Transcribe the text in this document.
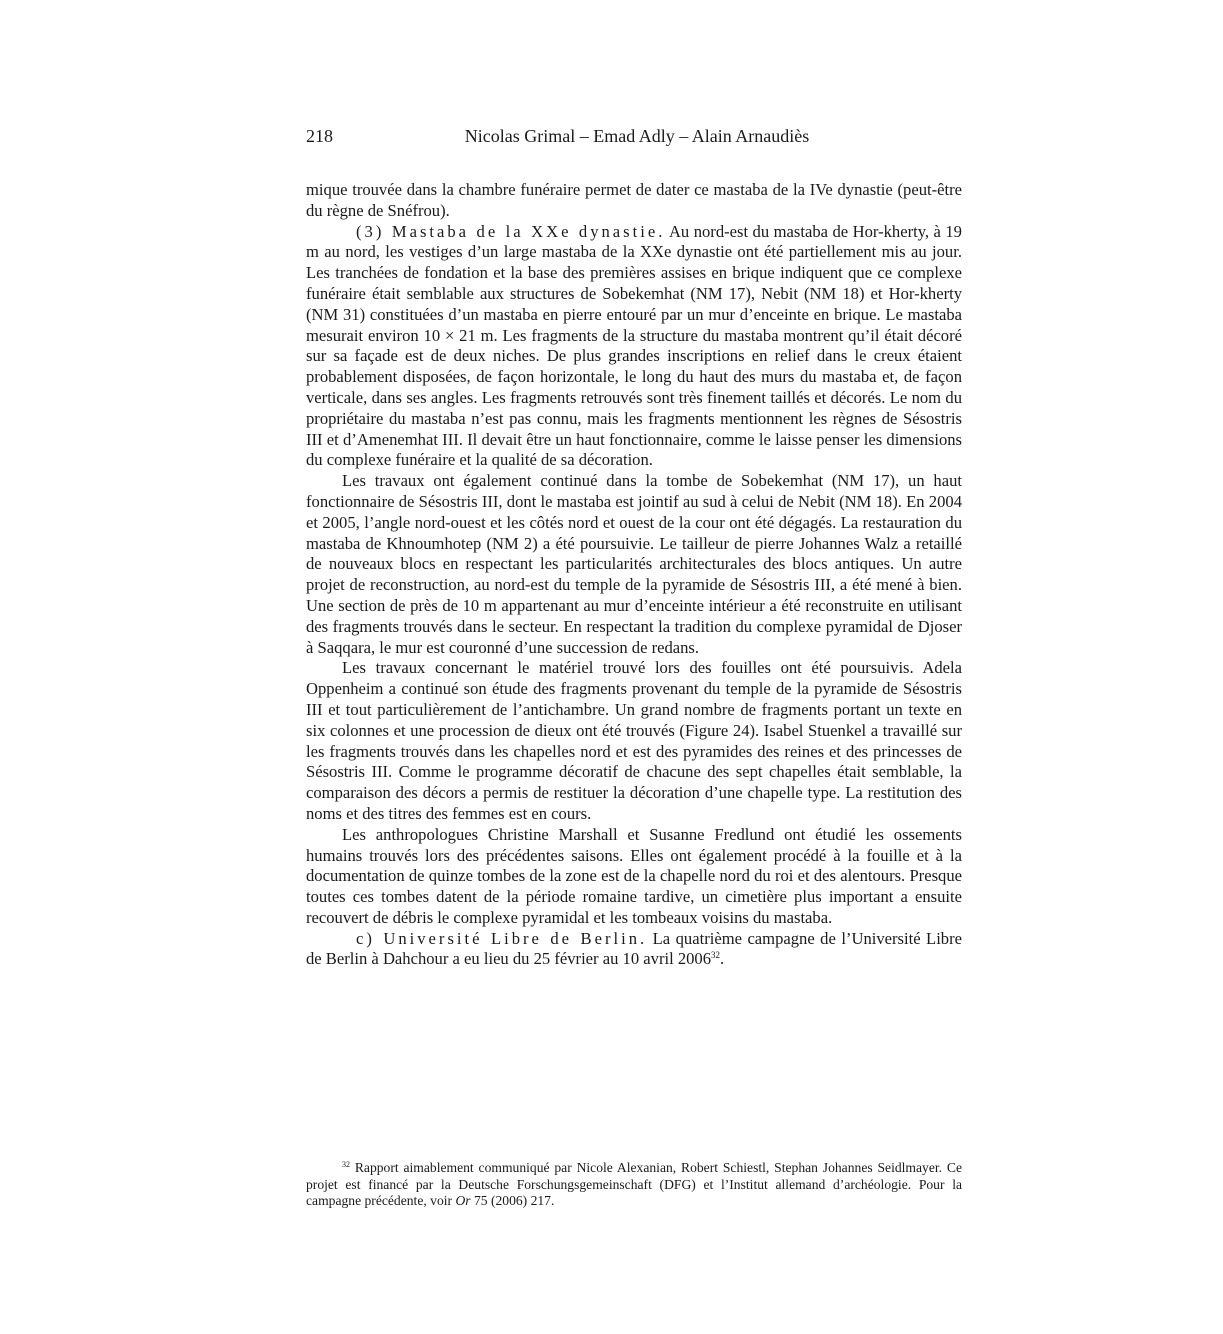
218	Nicolas Grimal – Emad Adly – Alain Arnaudiès

mique trouvée dans la chambre funéraire permet de dater ce mastaba de la IVe dynastie (peut-être du règne de Snéfrou).

(3) Mastaba de la XXe dynastie. Au nord-est du mastaba de Hor-kherty, à 19 m au nord, les vestiges d’un large mastaba de la XXe dynastie ont été partiellement mis au jour. Les tranchées de fondation et la base des premières assises en brique indiquent que ce complexe funéraire était semblable aux structures de Sobekemhat (NM 17), Nebit (NM 18) et Hor-kherty (NM 31) constituées d’un mastaba en pierre entouré par un mur d’enceinte en brique. Le mastaba mesurait environ 10 × 21 m. Les fragments de la structure du mastaba montrent qu’il était décoré sur sa façade est de deux niches. De plus grandes inscriptions en relief dans le creux étaient probablement disposées, de façon horizontale, le long du haut des murs du mastaba et, de façon verticale, dans ses angles. Les fragments retrouvés sont très finement taillés et décorés. Le nom du propriétaire du mastaba n’est pas connu, mais les fragments mentionnent les règnes de Sésostris III et d’Amenemhat III. Il devait être un haut fonctionnaire, comme le laisse penser les dimensions du complexe funéraire et la qualité de sa décoration.

Les travaux ont également continué dans la tombe de Sobekemhat (NM 17), un haut fonctionnaire de Sésostris III, dont le mastaba est jointif au sud à celui de Nebit (NM 18). En 2004 et 2005, l’angle nord-ouest et les côtés nord et ouest de la cour ont été dégagés. La restauration du mastaba de Khnoumhotep (NM 2) a été poursuivie. Le tailleur de pierre Johannes Walz a retaillé de nouveaux blocs en respectant les particularités architecturales des blocs antiques. Un autre projet de reconstruction, au nord-est du temple de la pyramide de Sésostris III, a été mené à bien. Une section de près de 10 m appartenant au mur d’enceinte intérieur a été reconstruite en utilisant des fragments trouvés dans le secteur. En respectant la tradition du complexe pyramidal de Djoser à Saqqara, le mur est couronné d’une succession de redans.

Les travaux concernant le matériel trouvé lors des fouilles ont été poursuivis. Adela Oppenheim a continué son étude des fragments provenant du temple de la pyramide de Sésostris III et tout particulièrement de l’antichambre. Un grand nombre de fragments portant un texte en six colonnes et une procession de dieux ont été trouvés (Figure 24). Isabel Stuenkel a travaillé sur les fragments trouvés dans les chapelles nord et est des pyramides des reines et des princesses de Sésostris III. Comme le programme décoratif de chacune des sept chapelles était semblable, la comparaison des décors a permis de restituer la décoration d’une chapelle type. La restitution des noms et des titres des femmes est en cours.

Les anthropologues Christine Marshall et Susanne Fredlund ont étudié les ossements humains trouvés lors des précédentes saisons. Elles ont également procédé à la fouille et à la documentation de quinze tombes de la zone est de la chapelle nord du roi et des alentours. Presque toutes ces tombes datent de la période romaine tardive, un cimetière plus important a ensuite recouvert de débris le complexe pyramidal et les tombeaux voisins du mastaba.

c) Université Libre de Berlin. La quatrième campagne de l’Université Libre de Berlin à Dahchour a eu lieu du 25 février au 10 avril 2006$^{32}$.

$^{32}$ Rapport aimablement communiqué par Nicole Alexanian, Robert Schiestl, Stephan Johannes Seidlmayer. Ce projet est financé par la Deutsche Forschungsgemeinschaft (DFG) et l’Institut allemand d’archéologie. Pour la campagne précédente, voir Or 75 (2006) 217.
